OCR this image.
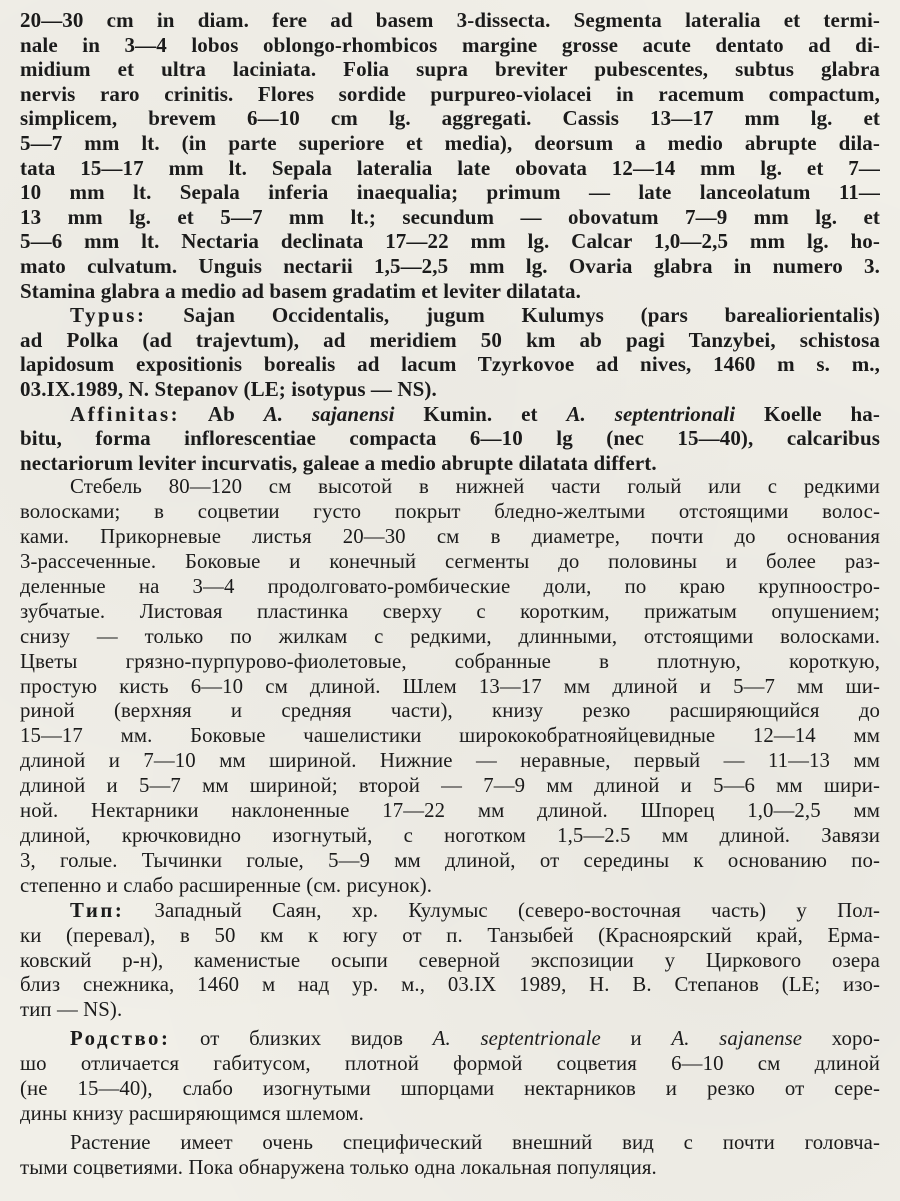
20—30 cm in diam. fere ad basem 3-dissecta. Segmenta lateralia et termi-
nale in 3—4 lobos oblongo-rhombicos margine grosse acute dentato ad di-
midium et ultra laciniata. Folia supra breviter pubescentes, subtus glabra
nervis raro crinitis. Flores sordide purpureo-violacei in racemum compactum,
simplicem, brevem 6—10 cm lg. aggregati. Cassis 13—17 mm lg. et
5—7 mm lt. (in parte superiore et media), deorsum a medio abrupte dila-
tata 15—17 mm lt. Sepala lateralia late obovata 12—14 mm lg. et 7—
10 mm lt. Sepala inferia inaequalia; primum — late lanceolatum 11—
13 mm lg. et 5—7 mm lt.; secundum — obovatum 7—9 mm lg. et
5—6 mm lt. Nectaria declinata 17—22 mm lg. Calcar 1,0—2,5 mm lg. ho-
mato culvatum. Unguis nectarii 1,5—2,5 mm lg. Ovaria glabra in numero 3.
Stamina glabra a medio ad basem gradatim et leviter dilatata.
Typus: Sajan Occidentalis, jugum Kulumys (pars barealiorientalis)
ad Polka (ad trajevtum), ad meridiem 50 km ab pagi Tanzybei, schistosa
lapidosum expositionis borealis ad lacum Tzyrkovoe ad nives, 1460 m s. m.,
03.IX.1989, N. Stepanov (LE; isotypus — NS).
Affinitas: Ab A. sajanensi Kumin. et A. septentrionali Koelle ha-
bitu, forma inflorescentiae compacta 6—10 lg (nec 15—40), calcaribus
nectariorum leviter incurvatis, galeae a medio abrupte dilatata differt.
Стебель 80—120 см высотой в нижней части голый или с редкими
волосками; в соцветии густо покрыт бледно-желтыми отстоящими волос-
ками. Прикорневые листья 20—30 см в диаметре, почти до основания
3-рассеченные. Боковые и конечный сегменты до половины и более раз-
деленные на 3—4 продолговато-ромбические доли, по краю крупноостро-
зубчатые. Листовая пластинка сверху с коротким, прижатым опушением;
снизу — только по жилкам с редкими, длинными, отстоящими волосками.
Цветы грязно-пурпурово-фиолетовые, собранные в плотную, короткую,
простую кисть 6—10 см длиной. Шлем 13—17 мм длиной и 5—7 мм ши-
риной (верхняя и средняя части), книзу резко расширяющийся до
15—17 мм. Боковые чашелистики ширококобратнояйцевидные 12—14 мм
длиной и 7—10 мм шириной. Нижние — неравные, первый — 11—13 мм
длиной и 5—7 мм шириной; второй — 7—9 мм длиной и 5—6 мм шири-
ной. Нектарники наклоненные 17—22 мм длиной. Шпорец 1,0—2,5 мм
длиной, крючковидно изогнутый, с ноготком 1,5—2.5 мм длиной. Завязи
3, голые. Тычинки голые, 5—9 мм длиной, от середины к основанию по-
степенно и слабо расширенные (см. рисунок).
Тип: Западный Саян, хр. Кулумыс (северо-восточная часть) у Пол-
ки (перевал), в 50 км к югу от п. Танзыбей (Красноярский край, Ерма-
ковский р-н), каменистые осыпи северной экспозиции у Циркового озера
близ снежника, 1460 м над ур. м., 03.IX 1989, Н. В. Степанов (LE; изо-
тип — NS).
Родство: от близких видов A. septentrionale и A. sajanense хоро-
шо отличается габитусом, плотной формой соцветия 6—10 см длиной
(не 15—40), слабо изогнутыми шпорцами нектарников и резко от сере-
дины книзу расширяющимся шлемом.
Растение имеет очень специфический внешний вид с почти головча-
тыми соцветиями. Пока обнаружена только одна локальная популяция.
